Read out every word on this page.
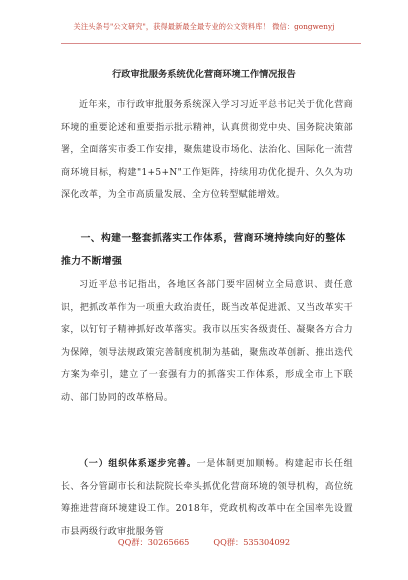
关注头条号"公文研究"，获得最新最全最专业的公文资料库！ 微信：gongwenyj
行政审批服务系统优化营商环境工作情况报告

近年来，市行政审批服务系统深入学习习近平总书记关于优化营商环境的重要论述和重要指示批示精神，认真贯彻党中央、国务院决策部署，全面落实市委工作安排，聚焦建设市场化、法治化、国际化一流营商环境目标，构建"1+5+N"工作矩阵，持续用功优化提升、久久为功深化改革，为全市高质量发展、全方位转型赋能增效。

一、构建一整套抓落实工作体系，营商环境持续向好的整体推力不断增强

习近平总书记指出，各地区各部门要牢固树立全局意识、责任意识，把抓改革作为一项重大政治责任，既当改革促进派、又当改革实干家，以钉钉子精神抓好改革落实。我市以压实各级责任、凝聚各方合力为保障，领导法规政策完善制度机制为基础，聚焦改革创新、推出迭代方案为牵引，建立了一套强有力的抓落实工作体系，形成全市上下联动、部门协同的改革格局。

（一）组织体系逐步完善。一是体制更加顺畅。构建起市长任组长、各分管副市长和法院院长牵头抓优化营商环境的领导机构，高位统筹推进营商环境建设工作。2018年，党政机构改革中在全国率先设置市县两级行政审批服务管

QQ群：30265665	QQ群：535304092
